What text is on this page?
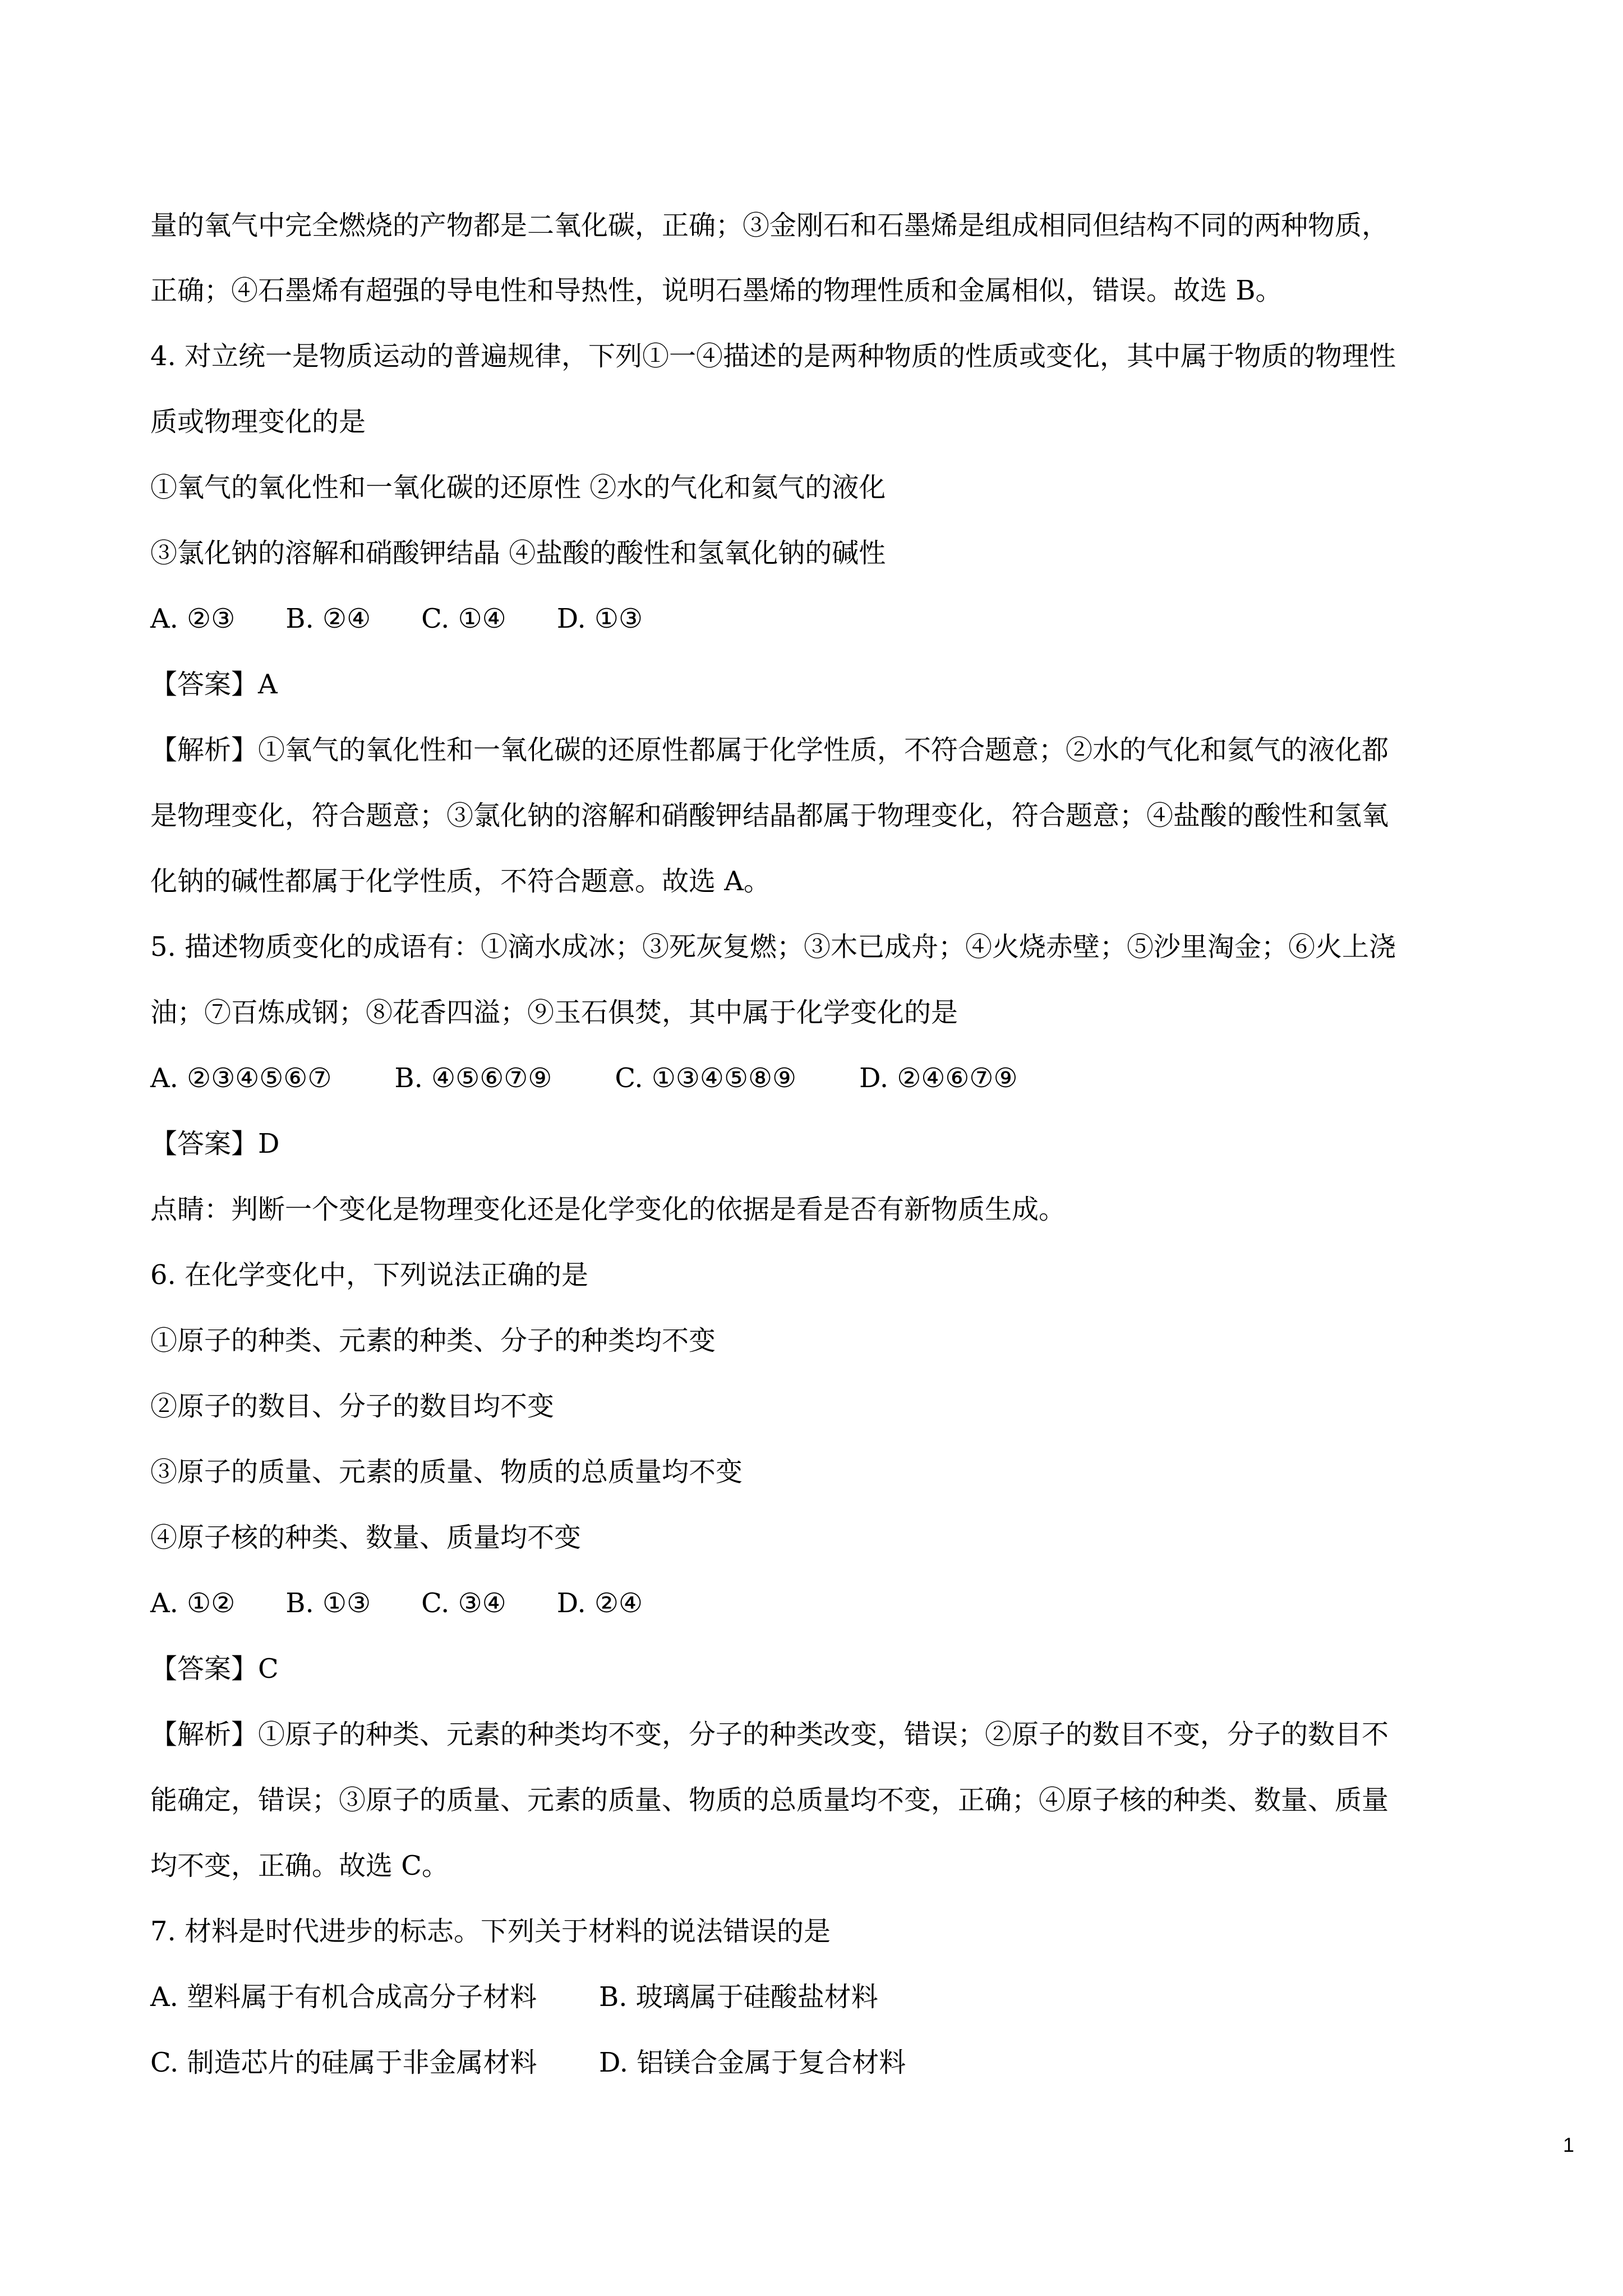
量的氧气中完全燃烧的产物都是二氧化碳，正确；③金刚石和石墨烯是组成相同但结构不同的两种物质，
正确；④石墨烯有超强的导电性和导热性，说明石墨烯的物理性质和金属相似，错误。故选 B。
4. 对立统一是物质运动的普遍规律，下列①一④描述的是两种物质的性质或变化，其中属于物质的物理性
质或物理变化的是
①氧气的氧化性和一氧化碳的还原性 ②水的气化和氦气的液化
③氯化钠的溶解和硝酸钾结晶 ④盐酸的酸性和氢氧化钠的碱性
A. ②③ B. ②④ C. ①④ D. ①③
【答案】A
【解析】①氧气的氧化性和一氧化碳的还原性都属于化学性质，不符合题意；②水的气化和氦气的液化都
是物理变化，符合题意；③氯化钠的溶解和硝酸钾结晶都属于物理变化，符合题意；④盐酸的酸性和氢氧
化钠的碱性都属于化学性质，不符合题意。故选 A。
5. 描述物质变化的成语有：①滴水成冰；③死灰复燃；③木已成舟；④火烧赤壁；⑤沙里淘金；⑥火上浇
油；⑦百炼成钢；⑧花香四溢；⑨玉石俱焚，其中属于化学变化的是
A. ②③④⑤⑥⑦ B. ④⑤⑥⑦⑨ C. ①③④⑤⑧⑨ D. ②④⑥⑦⑨
【答案】D
点睛：判断一个变化是物理变化还是化学变化的依据是看是否有新物质生成。
6. 在化学变化中，下列说法正确的是
①原子的种类、元素的种类、分子的种类均不变
②原子的数目、分子的数目均不变
③原子的质量、元素的质量、物质的总质量均不变
④原子核的种类、数量、质量均不变
A. ①② B. ①③ C. ③④ D. ②④
【答案】C
【解析】①原子的种类、元素的种类均不变，分子的种类改变，错误；②原子的数目不变，分子的数目不
能确定，错误；③原子的质量、元素的质量、物质的总质量均不变，正确；④原子核的种类、数量、质量
均不变，正确。故选 C。
7. 材料是时代进步的标志。下列关于材料的说法错误的是
A. 塑料属于有机合成高分子材料 B. 玻璃属于硅酸盐材料
C. 制造芯片的硅属于非金属材料 D. 铝镁合金属于复合材料
1
